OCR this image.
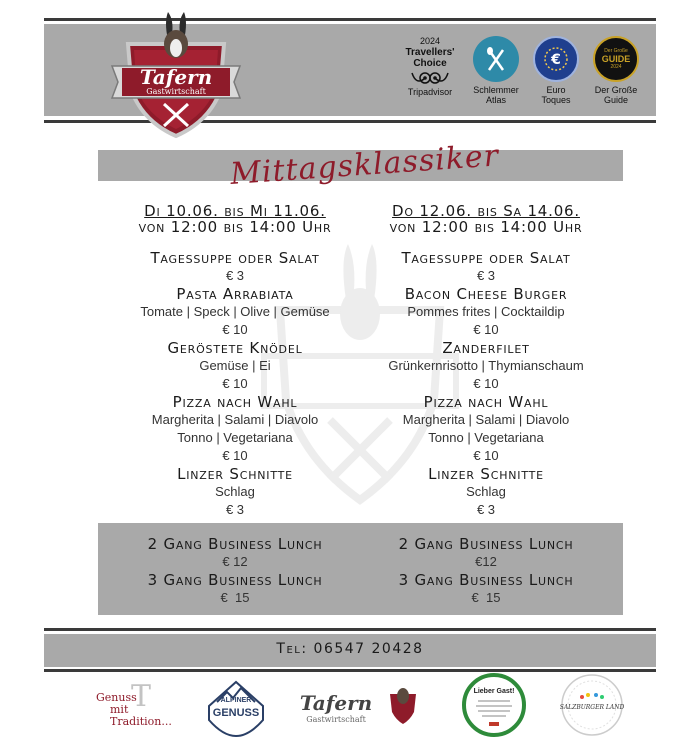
Tafern
Gastwirtschaft
2024
Travellers'
Choice
Tripadvisor Schlemmer
Atlas
€
Euro
Toques
Der Große
GUIDE
2024
Der Große
Guide
Mittagsklassiker
Di 10.06. bis Mi 11.06.
von 12:00 bis 14:00 Uhr
Tagessuppe oder Salat
€ 3
Pasta Arrabiata
Tomate | Speck | Olive | Gemüse
€ 10
Geröstete Knödel
Gemüse | Ei
€ 10
Pizza nach Wahl
Margherita | Salami | Diavolo
Tonno | Vegetariana
€ 10
Linzer Schnitte
Schlag
€ 3
Do 12.06. bis Sa 14.06.
von 12:00 bis 14:00 Uhr
Tagessuppe oder Salat
€ 3
Bacon Cheese Burger
Pommes frites | Cocktaildip
€ 10
Zanderfilet
Grünkernrisotto | Thymianschaum
€ 10
Pizza nach Wahl
Margherita | Salami | Diavolo
Tonno | Vegetariana
€ 10
Linzer Schnitte
Schlag
€ 3
2 Gang Business Lunch
€ 12
3 Gang Business Lunch
€  15
2 Gang Business Lunch
€12
3 Gang Business Lunch
€  15
Tel: 06547 20428
T
Genuss
mit Tradition...
ALPINER
GENUSS Tafern
Gastwirtschaft
Lieber Gast!
SALZBURGER LAND
